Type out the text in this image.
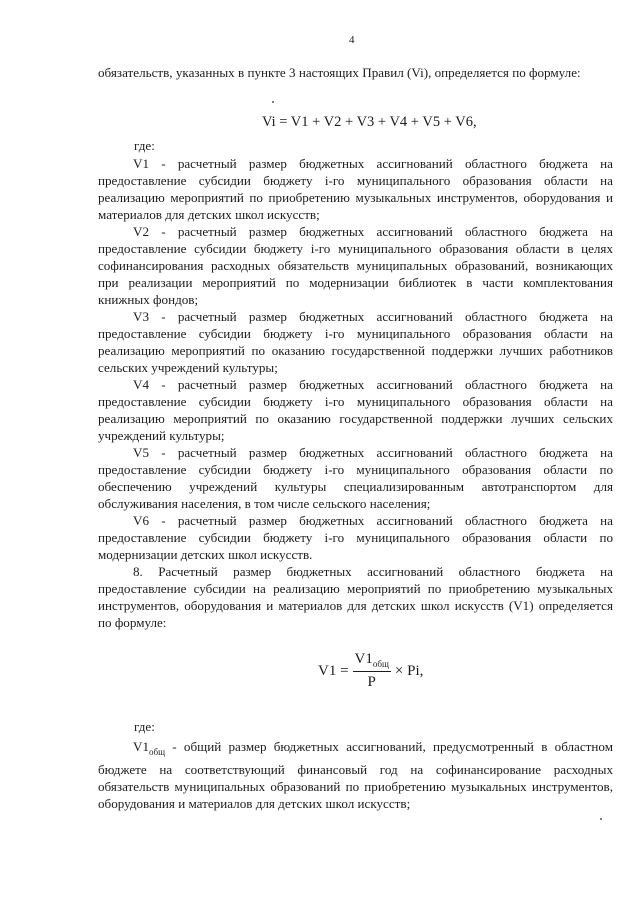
4

обязательств, указанных в пункте 3 настоящих Правил (Vi), определяется по формуле:

Vi = V1 + V2 + V3 + V4 + V5 + V6,
где:

V1 - расчетный размер бюджетных ассигнований областного бюджета на предоставление субсидии бюджету i-го муниципального образования области на реализацию мероприятий по приобретению музыкальных инструментов, оборудования и материалов для детских школ искусств;

V2 - расчетный размер бюджетных ассигнований областного бюджета на предоставление субсидии бюджету i-го муниципального образования области в целях софинансирования расходных обязательств муниципальных образований, возникающих при реализации мероприятий по модернизации библиотек в части комплектования книжных фондов;

V3 - расчетный размер бюджетных ассигнований областного бюджета на предоставление субсидии бюджету i-го муниципального образования области на реализацию мероприятий по оказанию государственной поддержки лучших работников сельских учреждений культуры;

V4 - расчетный размер бюджетных ассигнований областного бюджета на предоставление субсидии бюджету i-го муниципального образования области на реализацию мероприятий по оказанию государственной поддержки лучших сельских учреждений культуры;

V5 - расчетный размер бюджетных ассигнований областного бюджета на предоставление субсидии бюджету i-го муниципального образования области по обеспечению учреждений культуры специализированным автотранспортом для обслуживания населения, в том числе сельского населения;

V6 - расчетный размер бюджетных ассигнований областного бюджета на предоставление субсидии бюджету i-го муниципального образования области по модернизации детских школ искусств.

8. Расчетный размер бюджетных ассигнований областного бюджета на предоставление субсидии на реализацию мероприятий по приобретению музыкальных инструментов, оборудования и материалов для детских школ искусств (V1) определяется по формуле:

$V1 = \frac{V1_{общ}}{P} \times Pi$,
где:

$V1_{общ}$ - общий размер бюджетных ассигнований, предусмотренный в областном бюджете на соответствующий финансовый год на софинансирование расходных обязательств муниципальных образований по приобретению музыкальных инструментов, оборудования и материалов для детских школ искусств;
